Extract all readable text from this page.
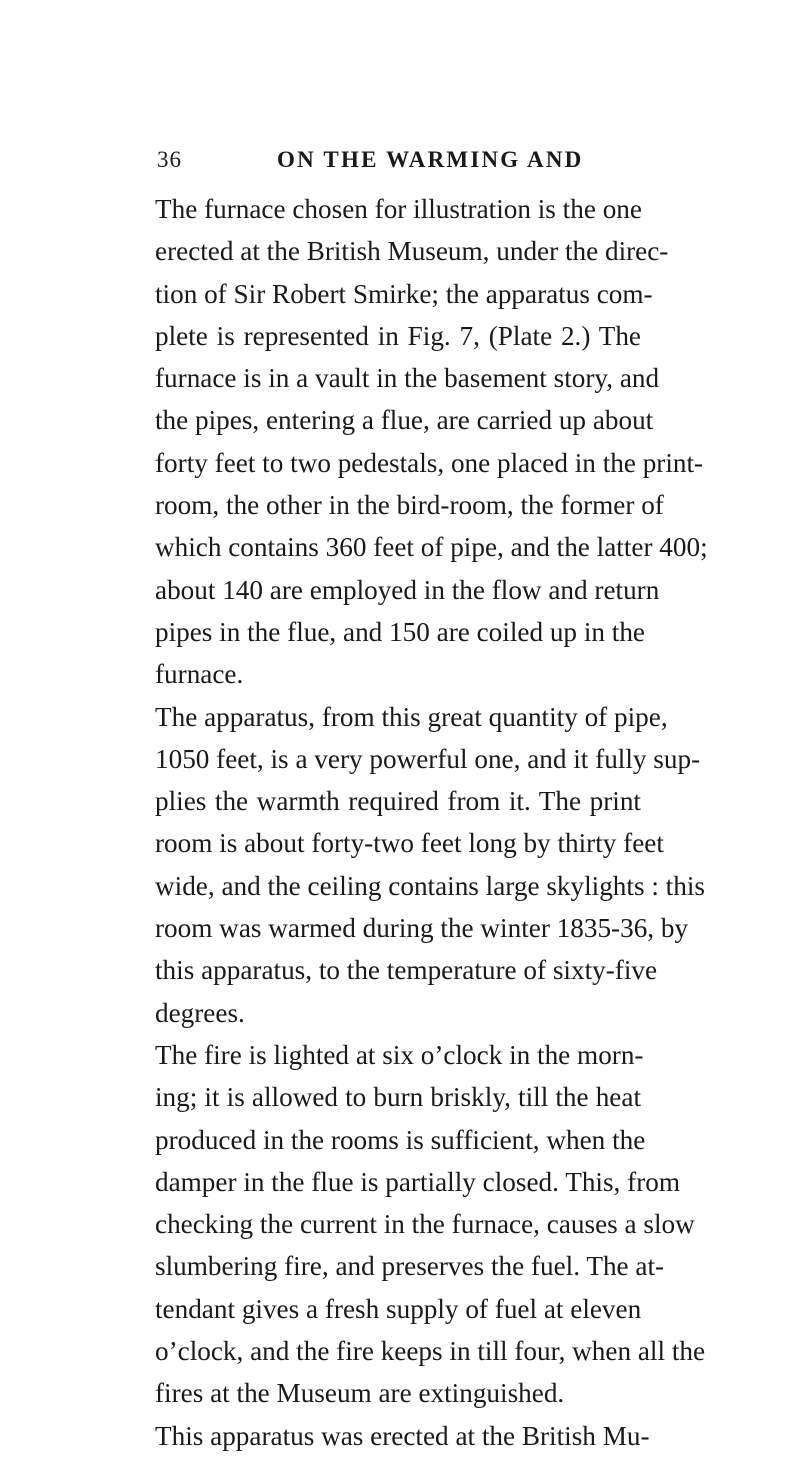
36	ON THE WARMING AND
The furnace chosen for illustration is the one
erected at the British Museum, under the direc-
tion of Sir Robert Smirke; the apparatus com-
plete is represented in Fig. 7, (Plate 2.) The
furnace is in a vault in the basement story, and
the pipes, entering a flue, are carried up about
forty feet to two pedestals, one placed in the print-
room, the other in the bird-room, the former of
which contains 360 feet of pipe, and the latter 400;
about 140 are employed in the flow and return
pipes in the flue, and 150 are coiled up in the
furnace.
The apparatus, from this great quantity of pipe,
1050 feet, is a very powerful one, and it fully sup-
plies the warmth required from it. The print
room is about forty-two feet long by thirty feet
wide, and the ceiling contains large skylights : this
room was warmed during the winter 1835-36, by
this apparatus, to the temperature of sixty-five
degrees.
The fire is lighted at six o’clock in the morn-
ing; it is allowed to burn briskly, till the heat
produced in the rooms is sufficient, when the
damper in the flue is partially closed. This, from
checking the current in the furnace, causes a slow
slumbering fire, and preserves the fuel. The at-
tendant gives a fresh supply of fuel at eleven
o’clock, and the fire keeps in till four, when all the
fires at the Museum are extinguished.
This apparatus was erected at the British Mu-
